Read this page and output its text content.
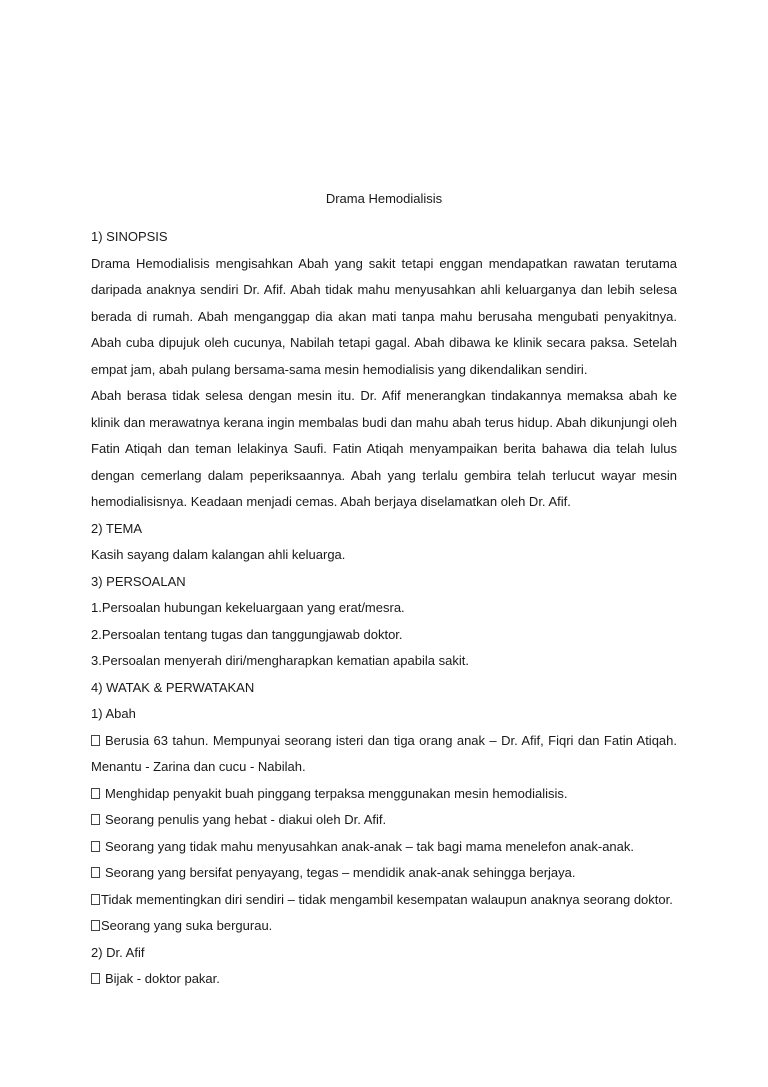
Drama Hemodialisis
1) SINOPSIS
Drama Hemodialisis mengisahkan Abah yang sakit tetapi enggan mendapatkan rawatan terutama daripada anaknya sendiri Dr. Afif. Abah tidak mahu menyusahkan ahli keluarganya dan lebih selesa berada di rumah. Abah menganggap dia akan mati tanpa mahu berusaha mengubati penyakitnya. Abah cuba dipujuk oleh cucunya, Nabilah tetapi gagal. Abah dibawa ke klinik secara paksa. Setelah empat jam, abah pulang bersama-sama mesin hemodialisis yang dikendalikan sendiri.
Abah berasa tidak selesa dengan mesin itu. Dr. Afif menerangkan tindakannya memaksa abah ke klinik dan merawatnya kerana ingin membalas budi dan mahu abah terus hidup. Abah dikunjungi oleh Fatin Atiqah dan teman lelakinya Saufi. Fatin Atiqah menyampaikan berita bahawa dia telah lulus dengan cemerlang dalam peperiksaannya. Abah yang terlalu gembira telah terlucut wayar mesin hemodialisisnya. Keadaan menjadi cemas. Abah berjaya diselamatkan oleh Dr. Afif.
2) TEMA
Kasih sayang dalam kalangan ahli keluarga.
3) PERSOALAN
1.Persoalan hubungan kekeluargaan yang erat/mesra.
2.Persoalan tentang tugas dan tanggungjawab doktor.
3.Persoalan menyerah diri/mengharapkan kematian apabila sakit.
4) WATAK & PERWATAKAN
1) Abah
Berusia 63 tahun. Mempunyai seorang isteri dan tiga orang anak – Dr. Afif, Fiqri dan Fatin Atiqah. Menantu - Zarina dan cucu - Nabilah.
Menghidap penyakit buah pinggang terpaksa menggunakan mesin hemodialisis.
Seorang penulis yang hebat - diakui oleh Dr. Afif.
Seorang yang tidak mahu menyusahkan anak-anak – tak bagi mama menelefon anak-anak.
Seorang yang bersifat penyayang, tegas – mendidik anak-anak sehingga berjaya.
Tidak mementingkan diri sendiri – tidak mengambil kesempatan walaupun anaknya seorang doktor.
Seorang yang suka bergurau.
2) Dr. Afif
Bijak - doktor pakar.
